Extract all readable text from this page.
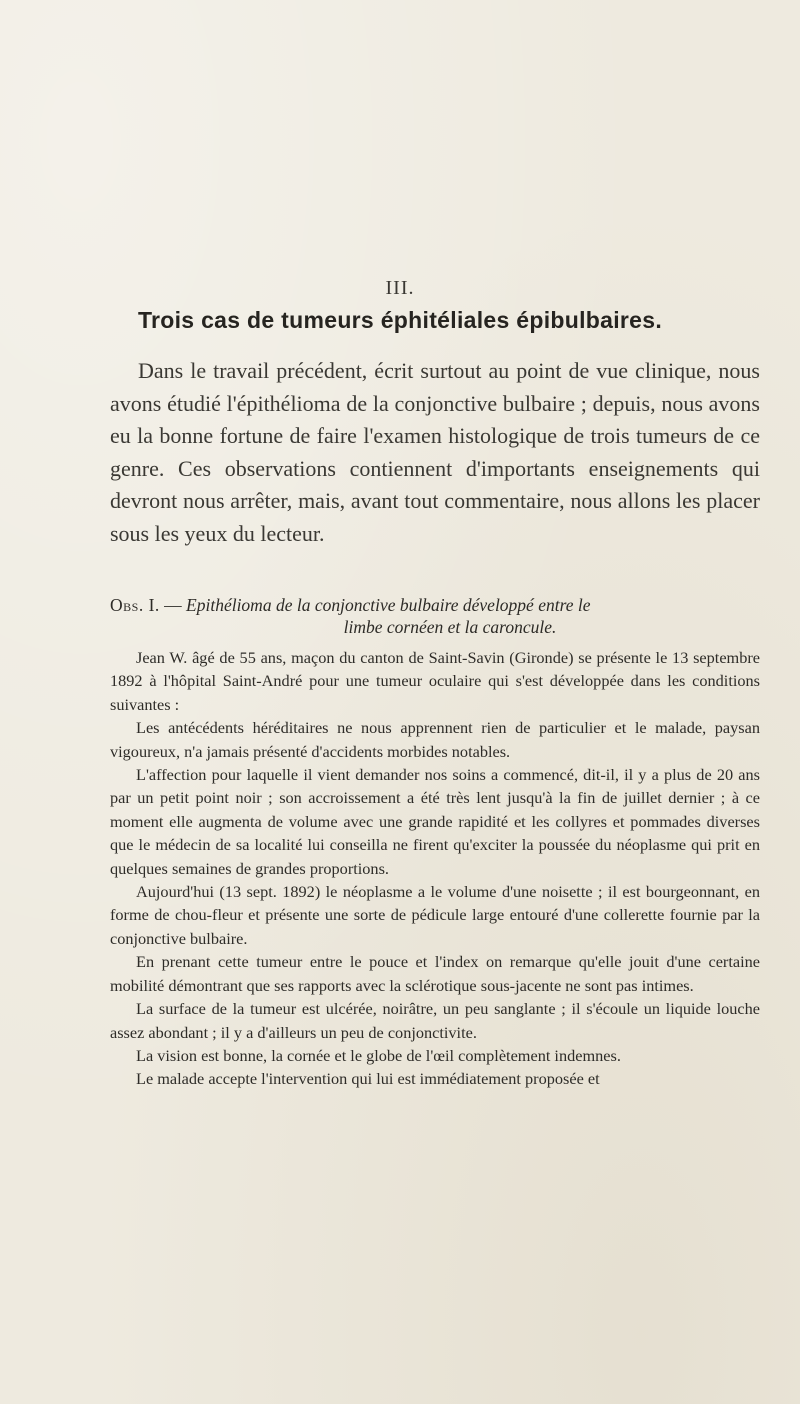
III.
Trois cas de tumeurs éphitéliales épibulbaires.

Dans le travail précédent, écrit surtout au point de vue clinique, nous avons étudié l'épithélioma de la conjonctive bulbaire ; depuis, nous avons eu la bonne fortune de faire l'examen histologique de trois tumeurs de ce genre. Ces observations contiennent d'importants enseignements qui devront nous arrêter, mais, avant tout commentaire, nous allons les placer sous les yeux du lecteur.

Obs. I. — Epithélioma de la conjonctive bulbaire développé entre le
limbe cornéen et la caroncule.

Jean W. âgé de 55 ans, maçon du canton de Saint-Savin (Gironde) se présente le 13 septembre 1892 à l'hôpital Saint-André pour une tumeur oculaire qui s'est développée dans les conditions suivantes :

Les antécédents héréditaires ne nous apprennent rien de particulier et le malade, paysan vigoureux, n'a jamais présenté d'accidents morbides notables.

L'affection pour laquelle il vient demander nos soins a commencé, dit-il, il y a plus de 20 ans par un petit point noir ; son accroissement a été très lent jusqu'à la fin de juillet dernier ; à ce moment elle augmenta de volume avec une grande rapidité et les collyres et pommades diverses que le médecin de sa localité lui conseilla ne firent qu'exciter la poussée du néoplasme qui prit en quelques semaines de grandes proportions.

Aujourd'hui (13 sept. 1892) le néoplasme a le volume d'une noisette ; il est bourgeonnant, en forme de chou-fleur et présente une sorte de pédicule large entouré d'une collerette fournie par la conjonctive bulbaire.

En prenant cette tumeur entre le pouce et l'index on remarque qu'elle jouit d'une certaine mobilité démontrant que ses rapports avec la sclérotique sous-jacente ne sont pas intimes.

La surface de la tumeur est ulcérée, noirâtre, un peu sanglante ; il s'écoule un liquide louche assez abondant ; il y a d'ailleurs un peu de conjonctivite.

La vision est bonne, la cornée et le globe de l'œil complètement indemnes.

Le malade accepte l'intervention qui lui est immédiatement proposée et
